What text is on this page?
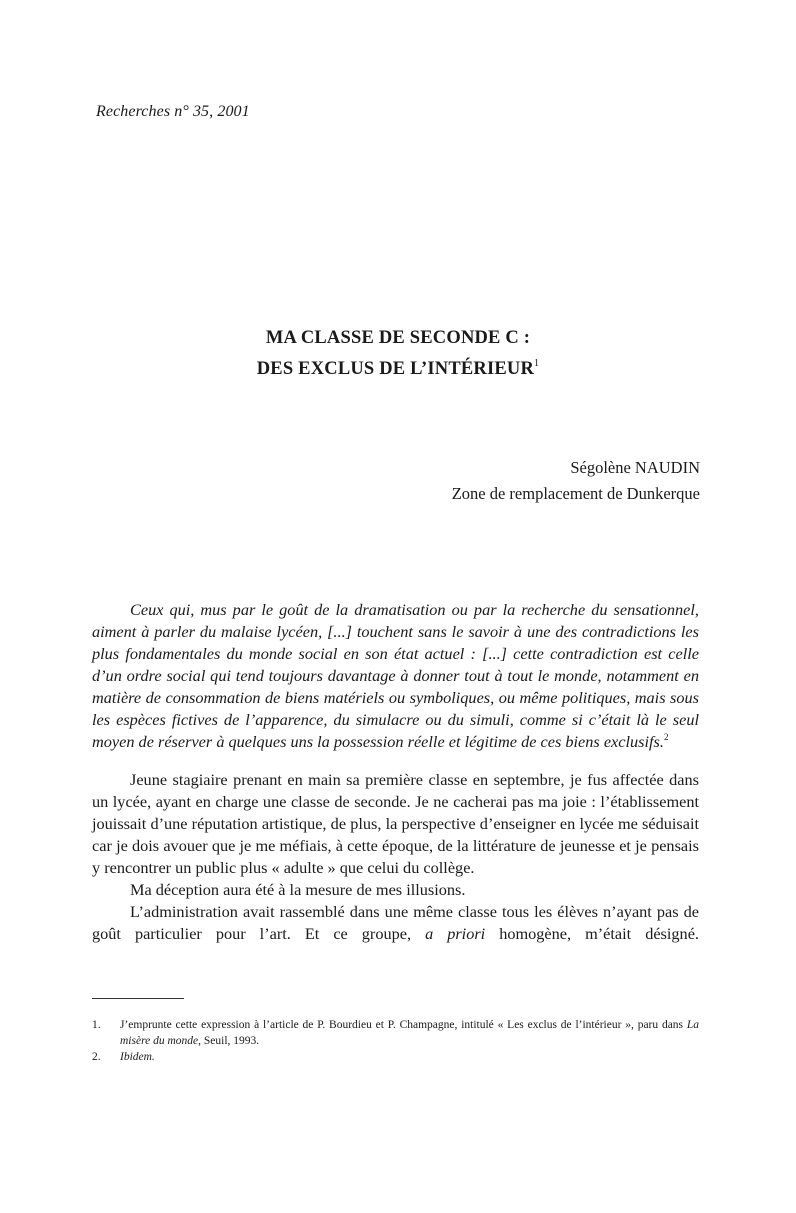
Recherches n° 35, 2001
MA CLASSE DE SECONDE C :
DES EXCLUS DE L’INTÉRIEUR$^1$
Ségolène NAUDIN
Zone de remplacement de Dunkerque

Ceux qui, mus par le goût de la dramatisation ou par la recherche du sensationnel, aiment à parler du malaise lycéen, [...] touchent sans le savoir à une des contradictions les plus fondamentales du monde social en son état actuel : [...] cette contradiction est celle d’un ordre social qui tend toujours davantage à donner tout à tout le monde, notamment en matière de consommation de biens matériels ou symboliques, ou même politiques, mais sous les espèces fictives de l’apparence, du simulacre ou du simuli, comme si c’était là le seul moyen de réserver à quelques uns la possession réelle et légitime de ces biens exclusifs.$^2$

Jeune stagiaire prenant en main sa première classe en septembre, je fus affectée dans un lycée, ayant en charge une classe de seconde. Je ne cacherai pas ma joie : l’établissement jouissait d’une réputation artistique, de plus, la perspective d’enseigner en lycée me séduisait car je dois avouer que je me méfiais, à cette époque, de la littérature de jeunesse et je pensais y rencontrer un public plus « adulte » que celui du collège.

Ma déception aura été à la mesure de mes illusions.

L’administration avait rassemblé dans une même classe tous les élèves n’ayant pas de goût particulier pour l’art. Et ce groupe, a priori homogène, m’était désigné.

1.	J’emprunte cette expression à l’article de P. Bourdieu et P. Champagne, intitulé « Les exclus de l’intérieur », paru dans La misère du monde, Seuil, 1993.

2.	Ibidem.
